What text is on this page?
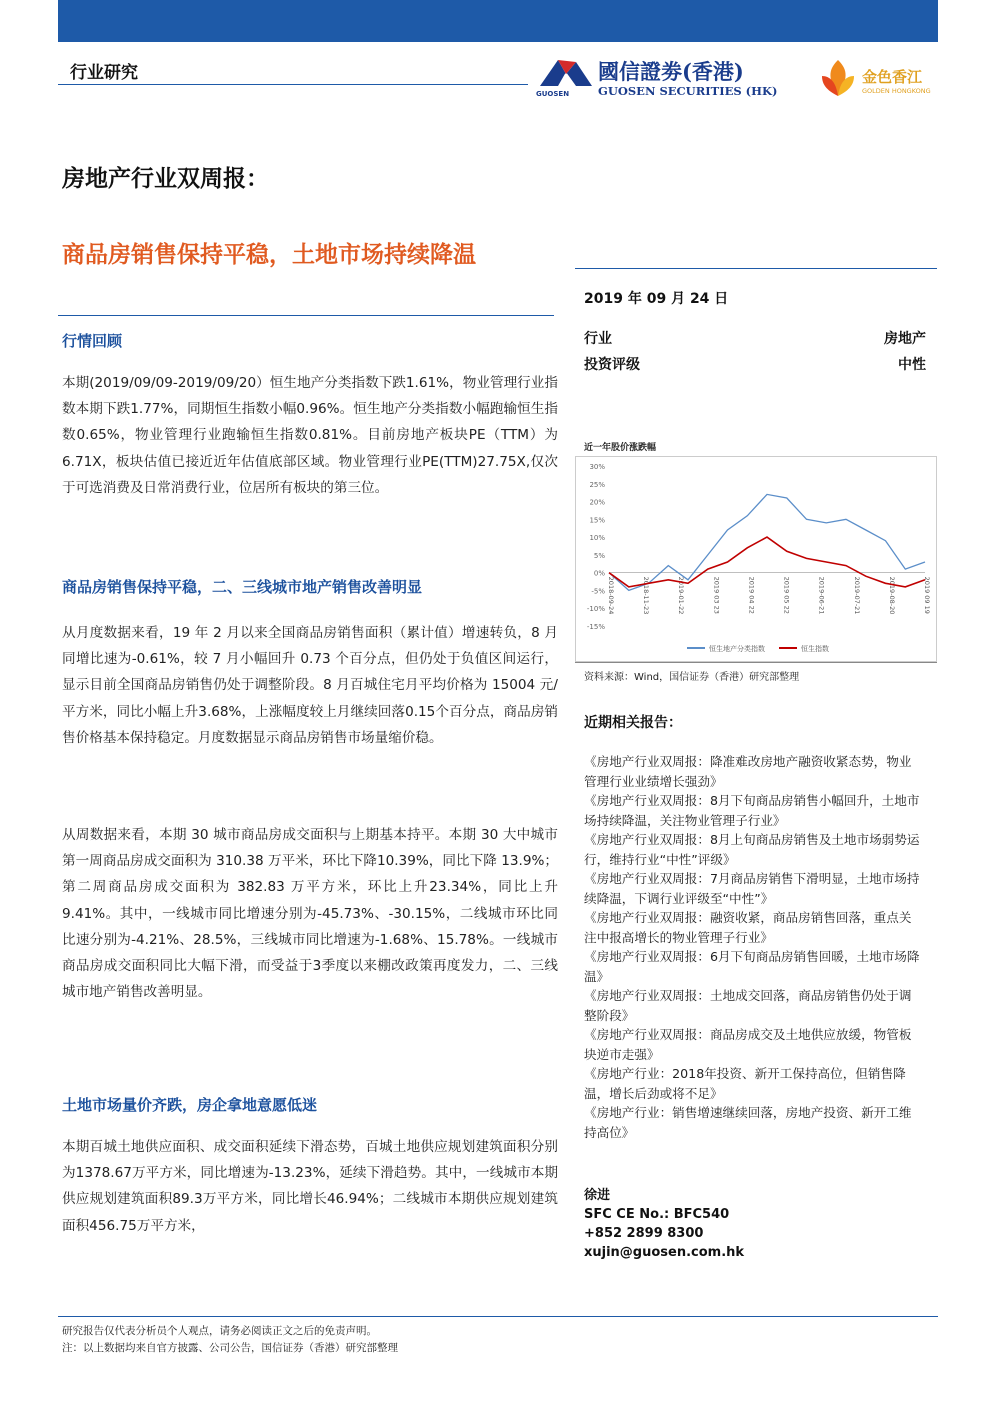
行业研究
GUOSEN
國信證劵(香港)
GUOSEN SECURITIES (HK)
金色香江
GOLDEN HONGKONG
房地产行业双周报：
商品房销售保持平稳，土地市场持续降温
行情回顾
本期(2019/09/09-2019/09/20）恒生地产分类指数下跌1.61%，物业管理行业指数本期下跌1.77%，同期恒生指数小幅0.96%。恒生地产分类指数小幅跑输恒生指数0.65%，物业管理行业跑输恒生指数0.81%。目前房地产板块PE（TTM）为6.71X，板块估值已接近近年估值底部区域。物业管理行业PE(TTM)27.75X,仅次于可选消费及日常消费行业，位居所有板块的第三位。
商品房销售保持平稳，二、三线城市地产销售改善明显
从月度数据来看，19 年 2 月以来全国商品房销售面积（累计值）增速转负，8 月同增比速为-0.61%，较 7 月小幅回升 0.73 个百分点，但仍处于负值区间运行，显示目前全国商品房销售仍处于调整阶段。8 月百城住宅月平均价格为 15004 元/平方米，同比小幅上升3.68%，上涨幅度较上月继续回落0.15个百分点，商品房销售价格基本保持稳定。月度数据显示商品房销售市场量缩价稳。
从周数据来看，本期 30 城市商品房成交面积与上期基本持平。本期 30 大中城市第一周商品房成交面积为 310.38 万平米，环比下降10.39%，同比下降 13.9%；第二周商品房成交面积为 382.83 万平方米，环比上升23.34%，同比上升9.41%。其中，一线城市同比增速分别为-45.73%、-30.15%，二线城市环比同比速分别为-4.21%、28.5%，三线城市同比增速为-1.68%、15.78%。一线城市商品房成交面积同比大幅下滑，而受益于3季度以来棚改政策再度发力，二、三线城市地产销售改善明显。
土地市场量价齐跌，房企拿地意愿低迷
本期百城土地供应面积、成交面积延续下滑态势，百城土地供应规划建筑面积分别为1378.67万平方米，同比增速为-13.23%，延续下滑趋势。其中，一线城市本期供应规划建筑面积89.3万平方米，同比增长46.94%；二线城市本期供应规划建筑面积456.75万平方米，
2019 年 09 月 24 日
行业	房地产
投资评级	中性
近一年股价涨跌幅
-15%
-10%
-5%
0%
5%
10%
15%
20%
25%
30%
2018-09-24	2018-11-23	2019-01-22	2019 03 23	2019 04 22	2019 05 22	2019-06-21	2019-07-21	2019-08-20	2019 09 19
恒生地产分类指数	恒生指数
资料来源：Wind，国信证券（香港）研究部整理
近期相关报告：
《房地产行业双周报：降准难改房地产融资收紧态势，物业管理行业业绩增长强劲》
《房地产行业双周报：8月下旬商品房销售小幅回升，土地市场持续降温，关注物业管理子行业》
《房地产行业双周报：8月上旬商品房销售及土地市场弱势运行，维持行业“中性”评级》
《房地产行业双周报：7月商品房销售下滑明显，土地市场持续降温，下调行业评级至“中性”》
《房地产行业双周报：融资收紧，商品房销售回落，重点关注中报高增长的物业管理子行业》
《房地产行业双周报：6月下旬商品房销售回暖，土地市场降温》
《房地产行业双周报：土地成交回落，商品房销售仍处于调整阶段》
《房地产行业双周报：商品房成交及土地供应放缓，物管板块逆市走强》
《房地产行业：2018年投资、新开工保持高位，但销售降温，增长后劲或将不足》
《房地产行业：销售增速继续回落，房地产投资、新开工维持高位》
徐进
SFC CE No.: BFC540
+852 2899 8300
xujin@guosen.com.hk
研究报告仅代表分析员个人观点，请务必阅读正文之后的免责声明。
注：以上数据均来自官方披露、公司公告，国信证券（香港）研究部整理
